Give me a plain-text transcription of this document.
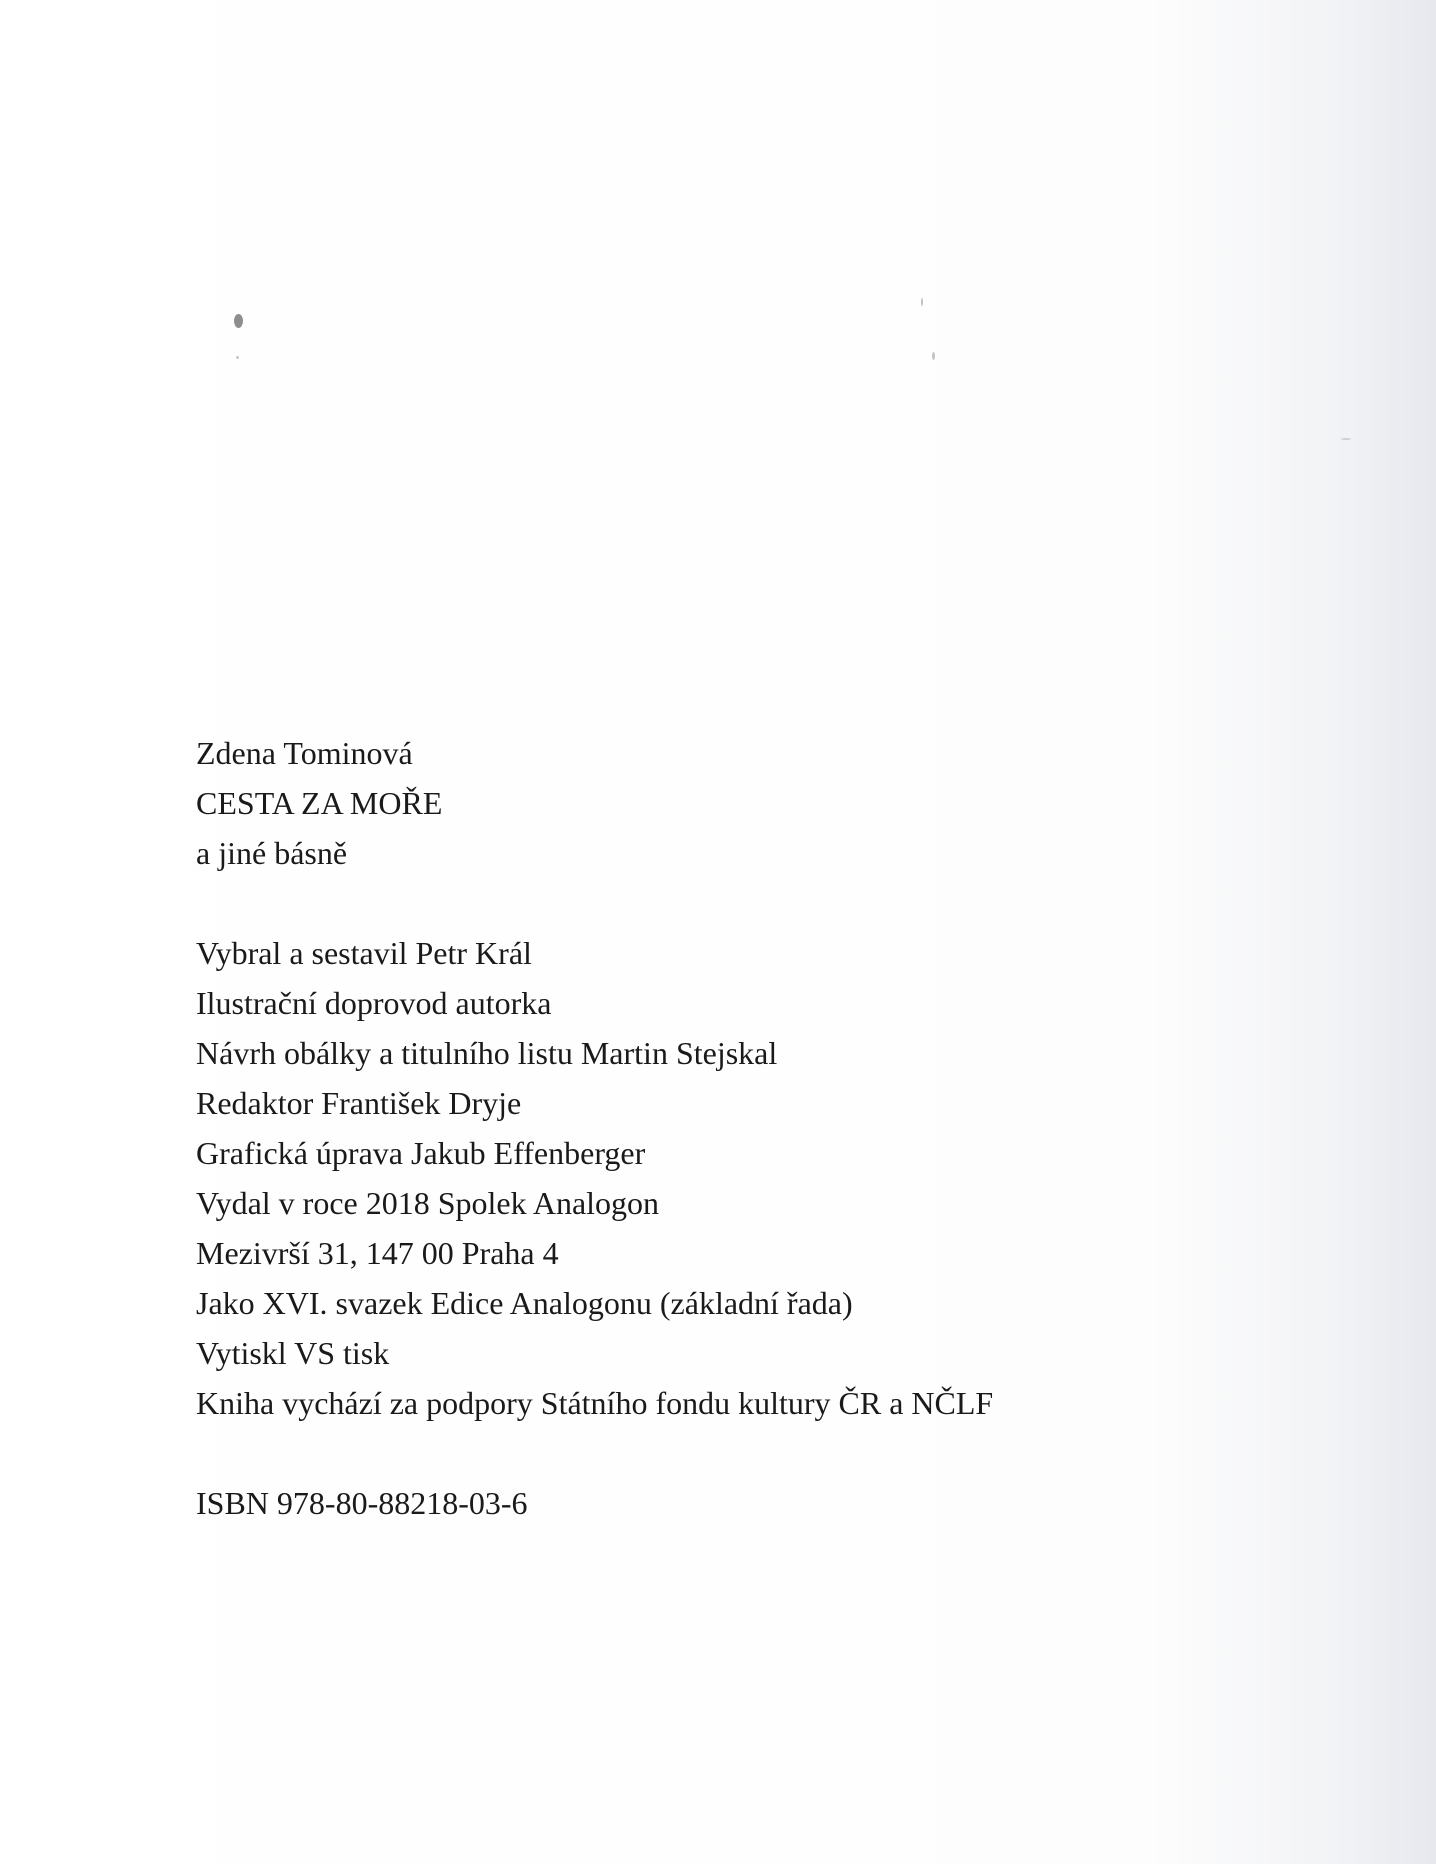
Zdena Tominová
CESTA ZA MOŘE
a jiné básně
Vybral a sestavil Petr Král
Ilustrační doprovod autorka
Návrh obálky a titulního listu Martin Stejskal
Redaktor František Dryje
Grafická úprava Jakub Effenberger
Vydal v roce 2018 Spolek Analogon
Mezivrší 31, 147 00 Praha 4
Jako XVI. svazek Edice Analogonu (základní řada)
Vytiskl VS tisk
Kniha vychází za podpory Státního fondu kultury ČR a NČLF
ISBN 978-80-88218-03-6
